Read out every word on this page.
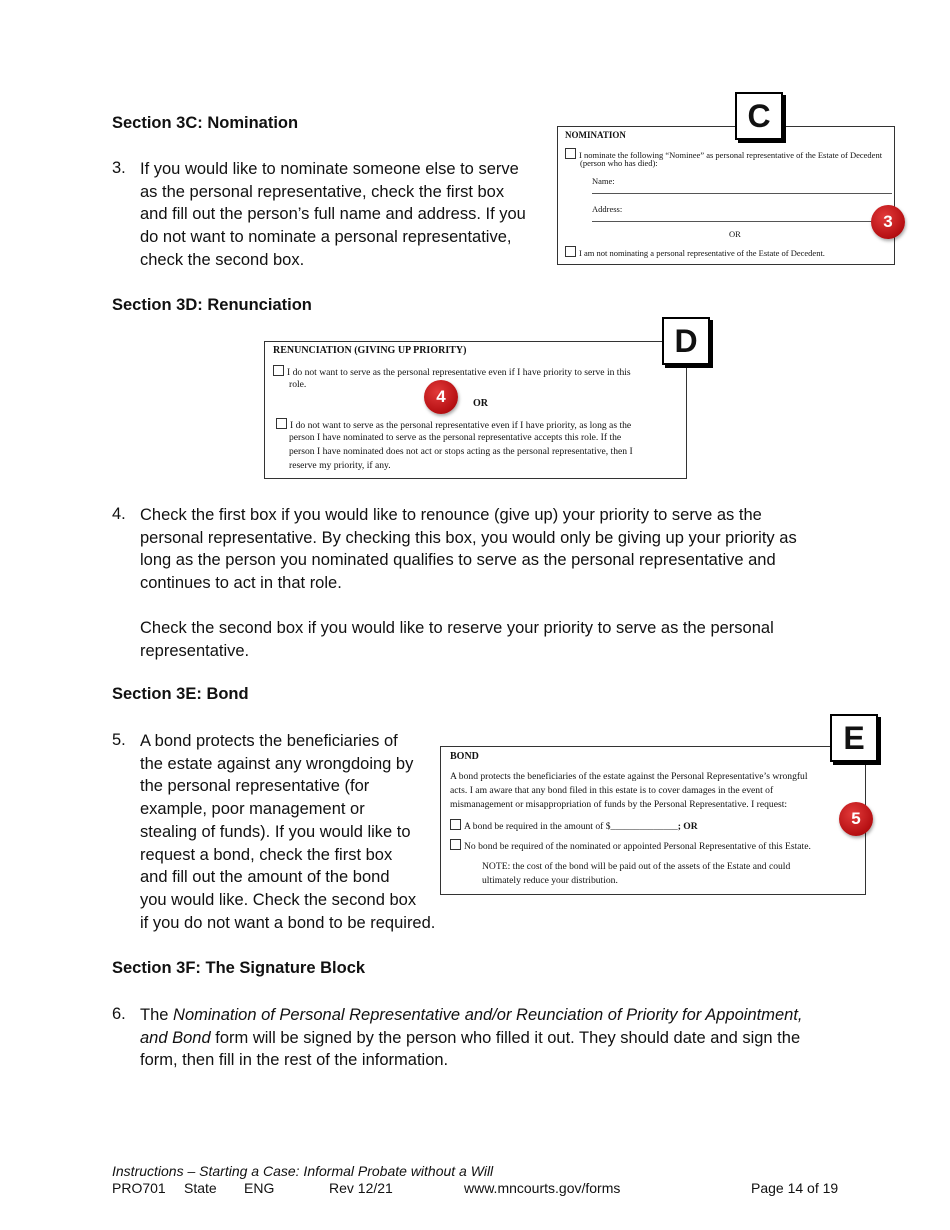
Section 3C: Nomination
3. If you would like to nominate someone else to serve
as the personal representative, check the first box
and fill out the person’s full name and address. If you
do not want to nominate a personal representative,
check the second box.
NOMINATION
I nominate the following “Nominee” as personal representative of the Estate of Decedent
(person who has died):
Name:
Address:
OR
I am not nominating a personal representative of the Estate of Decedent.
C
3
Section 3D: Renunciation
RENUNCIATION (GIVING UP PRIORITY)
I do not want to serve as the personal representative even if I have priority to serve in this
role.
OR
I do not want to serve as the personal representative even if I have priority, as long as the
person I have nominated to serve as the personal representative accepts this role. If the
person I have nominated does not act or stops acting as the personal representative, then I
reserve my priority, if any.
D
4
4. Check the first box if you would like to renounce (give up) your priority to serve as the
personal representative. By checking this box, you would only be giving up your priority as
long as the person you nominated qualifies to serve as the personal representative and
continues to act in that role.
Check the second box if you would like to reserve your priority to serve as the personal
representative.
Section 3E: Bond
5. A bond protects the beneficiaries of
the estate against any wrongdoing by
the personal representative (for
example, poor management or
stealing of funds). If you would like to
request a bond, check the first box
and fill out the amount of the bond
you would like. Check the second box
if you do not want a bond to be required.
BOND
A bond protects the beneficiaries of the estate against the Personal Representative’s wrongful
acts. I am aware that any bond filed in this estate is to cover damages in the event of
mismanagement or misappropriation of funds by the Personal Representative. I request:
A bond be required in the amount of $______________; OR
No bond be required of the nominated or appointed Personal Representative of this Estate.
NOTE: the cost of the bond will be paid out of the assets of the Estate and could
ultimately reduce your distribution.
E
5
Section 3F: The Signature Block
6. The Nomination of Personal Representative and/or Reunciation of Priority for Appointment,
and Bond form will be signed by the person who filled it out. They should date and sign the
form, then fill in the rest of the information.
Instructions – Starting a Case: Informal Probate without a Will
PRO701 State ENG	Rev 12/21	www.mncourts.gov/forms	Page 14 of 19
